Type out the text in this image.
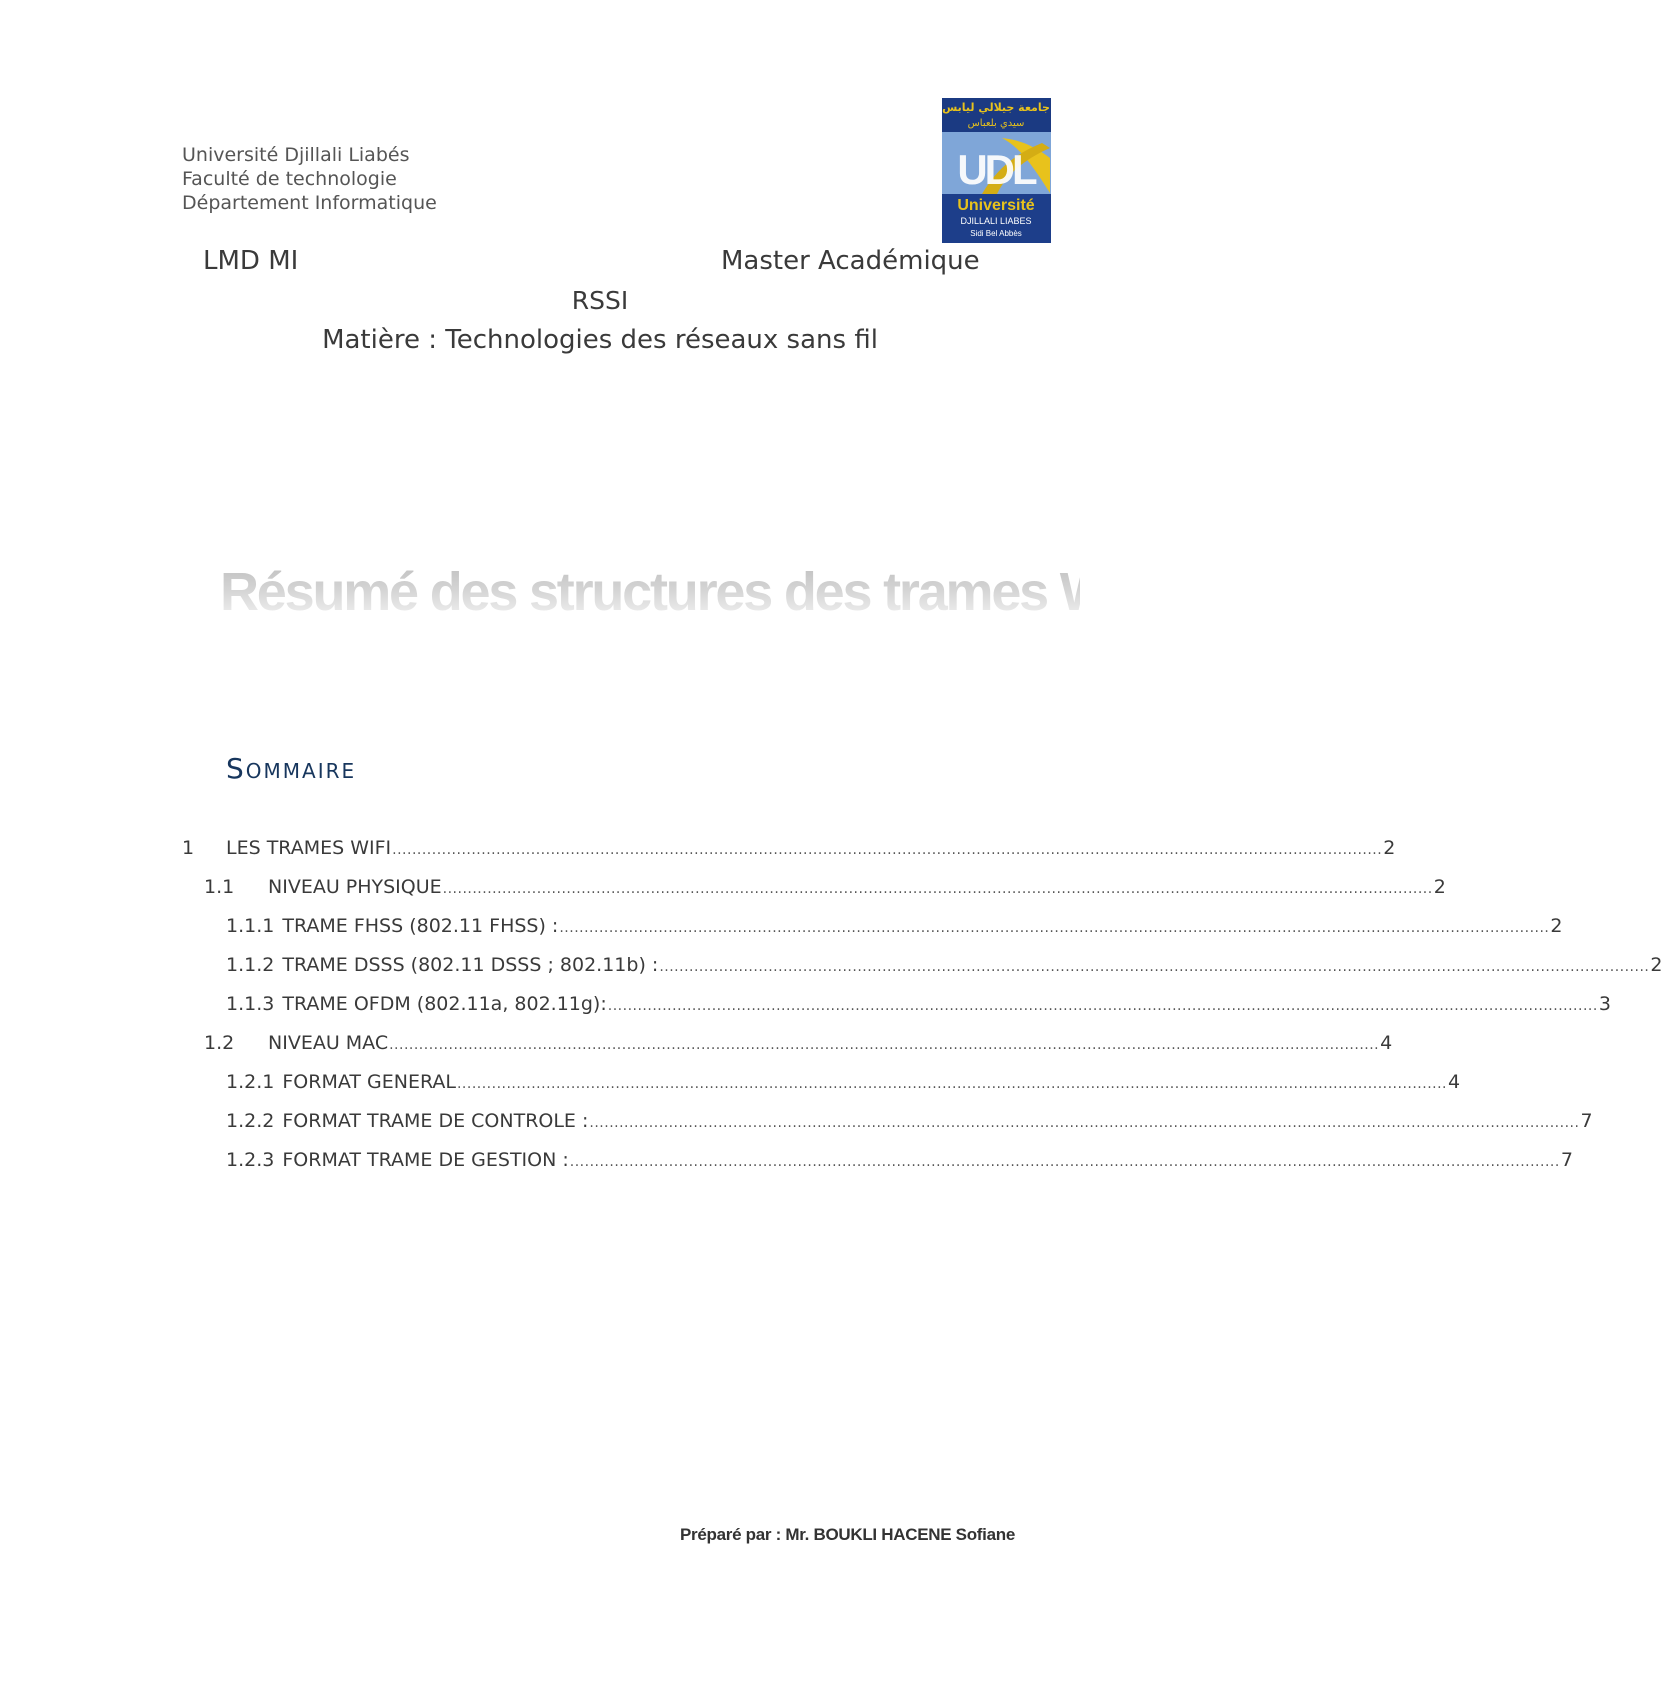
Université Djillali Liabés
Faculté de technologie
Département Informatique
جامعة جيلالي ليابس
سيدي بلعباس
UDL
Université
DJILLALI LIABES
Sidi Bel Abbès
LMD MI	Master Académique
RSSI
Matière : Technologies des réseaux sans fil
Résumé des structures des trames WIFI
Sommaire
1	LES TRAMES WIFI ........................................................................................................................................................................................................ 2
1.1	NIVEAU PHYSIQUE ........................................................................................................................................................................................................ 2
1.1.1 TRAME FHSS (802.11 FHSS) : ........................................................................................................................................................................................................ 2
1.1.2 TRAME DSSS (802.11 DSSS ; 802.11b) : ........................................................................................................................................................................................................ 2
1.1.3 TRAME OFDM (802.11a, 802.11g): ........................................................................................................................................................................................................ 3
1.2	NIVEAU MAC ........................................................................................................................................................................................................ 4
1.2.1 FORMAT GENERAL ........................................................................................................................................................................................................ 4
1.2.2 FORMAT TRAME DE CONTROLE : ........................................................................................................................................................................................................ 7
1.2.3 FORMAT TRAME DE GESTION : ........................................................................................................................................................................................................ 7
Préparé par : Mr. BOUKLI HACENE Sofiane
